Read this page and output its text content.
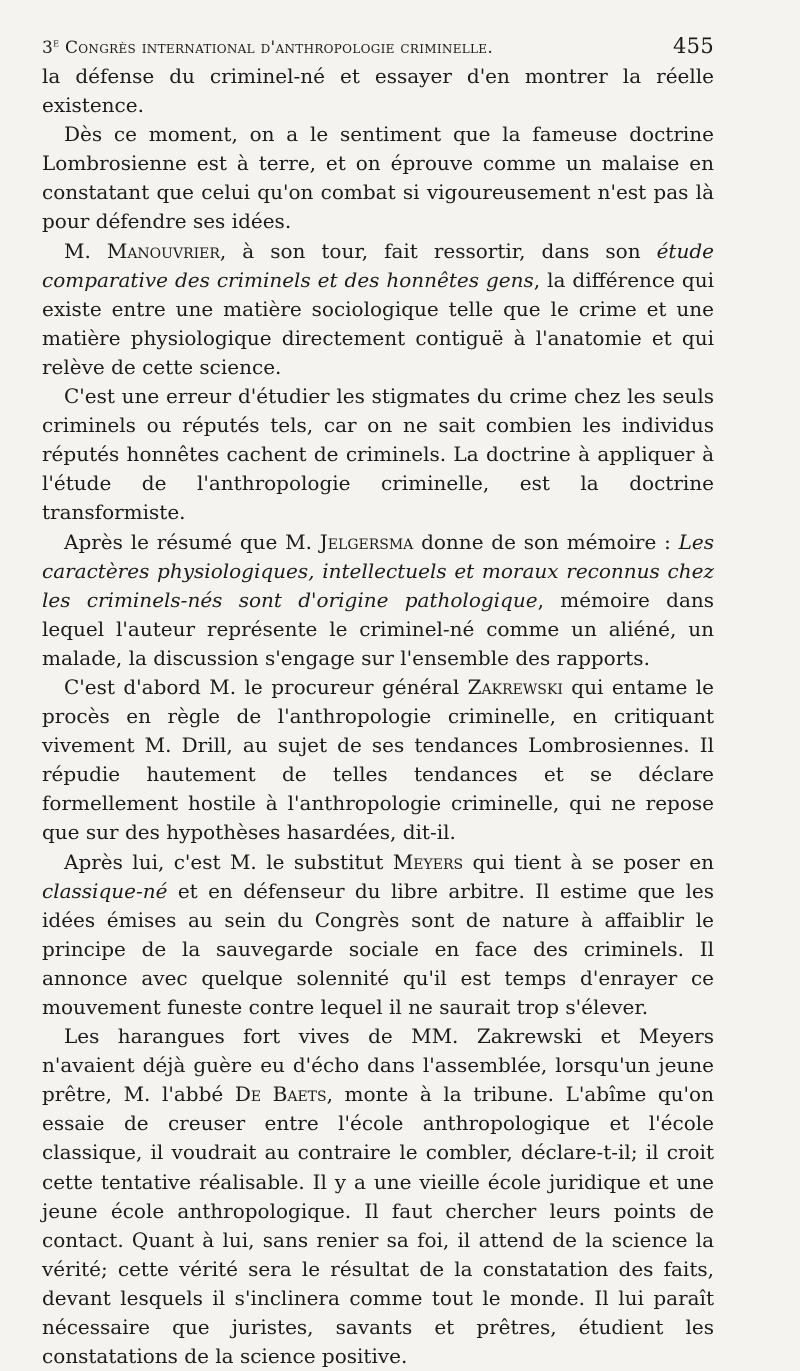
3e Congrès international d'anthropologie criminelle.	455

la défense du criminel-né et essayer d'en montrer la réelle existence.

Dès ce moment, on a le sentiment que la fameuse doctrine Lombrosienne est à terre, et on éprouve comme un malaise en constatant que celui qu'on combat si vigoureusement n'est pas là pour défendre ses idées.

M. Manouvrier, à son tour, fait ressortir, dans son étude comparative des criminels et des honnêtes gens, la différence qui existe entre une matière sociologique telle que le crime et une matière physiologique directement contiguë à l'anatomie et qui relève de cette science.

C'est une erreur d'étudier les stigmates du crime chez les seuls criminels ou réputés tels, car on ne sait combien les individus réputés honnêtes cachent de criminels. La doctrine à appliquer à l'étude de l'anthropologie criminelle, est la doctrine transformiste.

Après le résumé que M. Jelgersma donne de son mémoire : Les caractères physiologiques, intellectuels et moraux reconnus chez les criminels-nés sont d'origine pathologique, mémoire dans lequel l'auteur représente le criminel-né comme un aliéné, un malade, la discussion s'engage sur l'ensemble des rapports.

C'est d'abord M. le procureur général Zakrewski qui entame le procès en règle de l'anthropologie criminelle, en critiquant vivement M. Drill, au sujet de ses tendances Lombrosiennes. Il répudie hautement de telles tendances et se déclare formellement hostile à l'anthropologie criminelle, qui ne repose que sur des hypothèses hasardées, dit-il.

Après lui, c'est M. le substitut Meyers qui tient à se poser en classique-né et en défenseur du libre arbitre. Il estime que les idées émises au sein du Congrès sont de nature à affaiblir le principe de la sauvegarde sociale en face des criminels. Il annonce avec quelque solennité qu'il est temps d'enrayer ce mouvement funeste contre lequel il ne saurait trop s'élever.

Les harangues fort vives de MM. Zakrewski et Meyers n'avaient déjà guère eu d'écho dans l'assemblée, lorsqu'un jeune prêtre, M. l'abbé De Baets, monte à la tribune. L'abîme qu'on essaie de creuser entre l'école anthropologique et l'école classique, il voudrait au contraire le combler, déclare-t-il; il croit cette tentative réalisable. Il y a une vieille école juridique et une jeune école anthropologique. Il faut chercher leurs points de contact. Quant à lui, sans renier sa foi, il attend de la science la vérité; cette vérité sera le résultat de la constatation des faits, devant lesquels il s'inclinera comme tout le monde. Il lui paraît nécessaire que juristes, savants et prêtres, étudient les constatations de la science positive.
